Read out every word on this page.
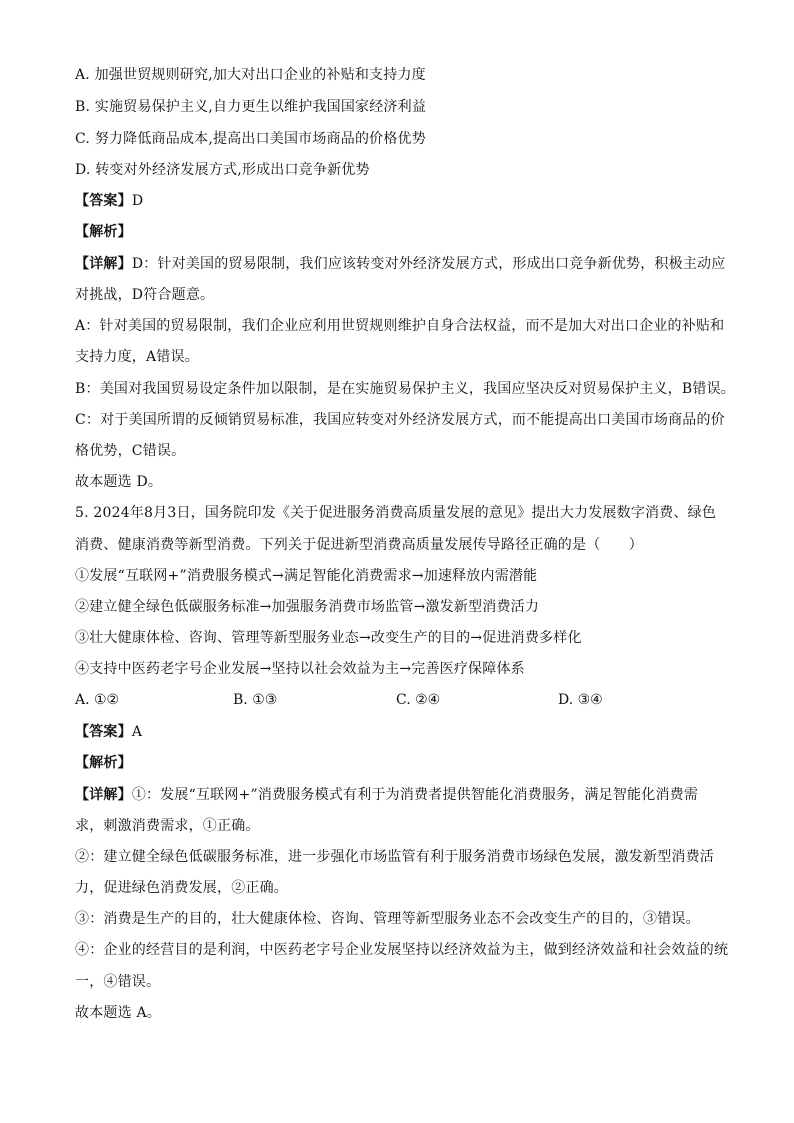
A. 加强世贸规则研究,加大对出口企业的补贴和支持力度
B. 实施贸易保护主义,自力更生以维护我国国家经济利益
C. 努力降低商品成本,提高出口美国市场商品的价格优势
D. 转变对外经济发展方式,形成出口竞争新优势
【答案】D
【解析】
【详解】D：针对美国的贸易限制，我们应该转变对外经济发展方式，形成出口竞争新优势，积极主动应
对挑战，D符合题意。
A：针对美国的贸易限制，我们企业应利用世贸规则维护自身合法权益，而不是加大对出口企业的补贴和
支持力度，A错误。
B：美国对我国贸易设定条件加以限制，是在实施贸易保护主义，我国应坚决反对贸易保护主义，B错误。
C：对于美国所谓的反倾销贸易标准，我国应转变对外经济发展方式，而不能提高出口美国市场商品的价
格优势，C错误。
故本题选 D。
5. 2024年8月3日，国务院印发《关于促进服务消费高质量发展的意见》提出大力发展数字消费、绿色
消费、健康消费等新型消费。下列关于促进新型消费高质量发展传导路径正确的是（　　）
①发展“互联网+”消费服务模式→满足智能化消费需求→加速释放内需潜能
②建立健全绿色低碳服务标准→加强服务消费市场监管→激发新型消费活力
③壮大健康体检、咨询、管理等新型服务业态→改变生产的目的→促进消费多样化
④支持中医药老字号企业发展→坚持以社会效益为主→完善医疗保障体系
A. ①②	B. ①③	C. ②④	D. ③④
【答案】A
【解析】
【详解】①：发展“互联网+”消费服务模式有利于为消费者提供智能化消费服务，满足智能化消费需
求，刺激消费需求，①正确。
②：建立健全绿色低碳服务标准，进一步强化市场监管有利于服务消费市场绿色发展，激发新型消费活
力，促进绿色消费发展，②正确。
③：消费是生产的目的，壮大健康体检、咨询、管理等新型服务业态不会改变生产的目的，③错误。
④：企业的经营目的是利润，中医药老字号企业发展坚持以经济效益为主，做到经济效益和社会效益的统
一，④错误。
故本题选 A。
